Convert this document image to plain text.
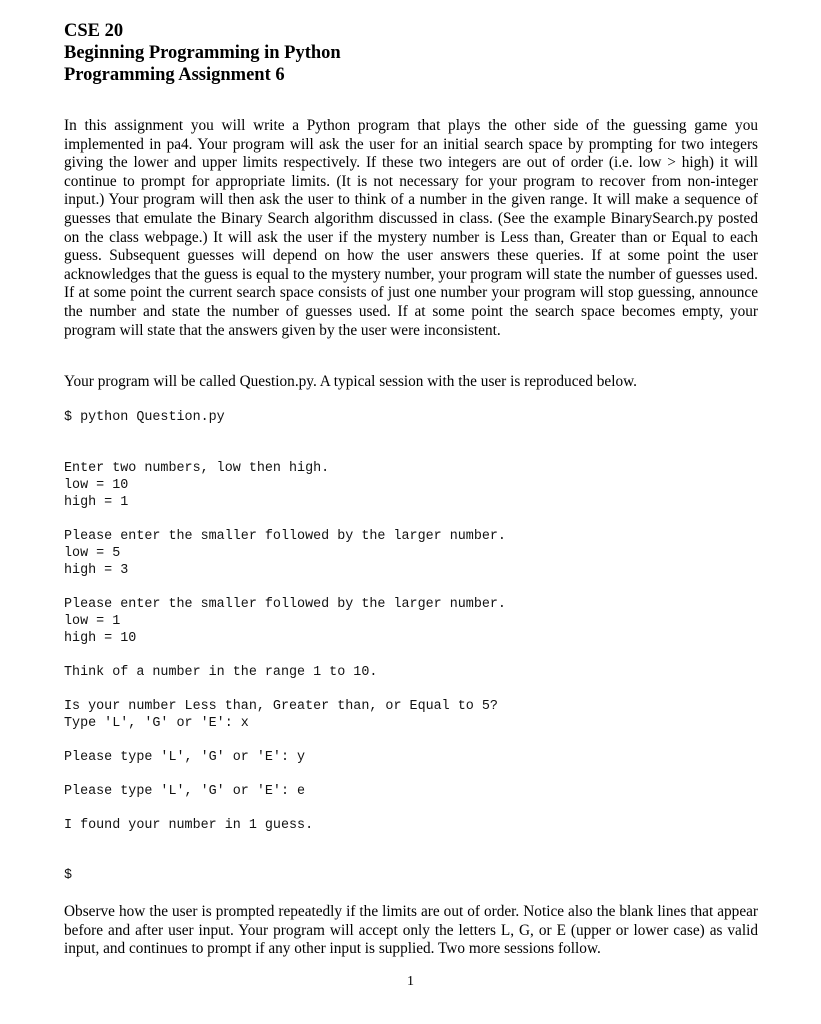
CSE 20
Beginning Programming in Python
Programming Assignment 6

In this assignment you will write a Python program that plays the other side of the guessing game you implemented in pa4. Your program will ask the user for an initial search space by prompting for two integers giving the lower and upper limits respectively. If these two integers are out of order (i.e. low > high) it will continue to prompt for appropriate limits. (It is not necessary for your program to recover from non-integer input.) Your program will then ask the user to think of a number in the given range. It will make a sequence of guesses that emulate the Binary Search algorithm discussed in class. (See the example BinarySearch.py posted on the class webpage.) It will ask the user if the mystery number is Less than, Greater than or Equal to each guess. Subsequent guesses will depend on how the user answers these queries. If at some point the user acknowledges that the guess is equal to the mystery number, your program will state the number of guesses used. If at some point the current search space consists of just one number your program will stop guessing, announce the number and state the number of guesses used. If at some point the search space becomes empty, your program will state that the answers given by the user were inconsistent.

Your program will be called Question.py. A typical session with the user is reproduced below.

$ python Question.py
Enter two numbers, low then high.
low = 10
high = 1
Please enter the smaller followed by the larger number.
low = 5
high = 3
Please enter the smaller followed by the larger number.
low = 1
high = 10
Think of a number in the range 1 to 10.
Is your number Less than, Greater than, or Equal to 5?
Type 'L', 'G' or 'E': x
Please type 'L', 'G' or 'E': y
Please type 'L', 'G' or 'E': e
I found your number in 1 guess.
$

Observe how the user is prompted repeatedly if the limits are out of order. Notice also the blank lines that appear before and after user input. Your program will accept only the letters L, G, or E (upper or lower case) as valid input, and continues to prompt if any other input is supplied. Two more sessions follow.

1
